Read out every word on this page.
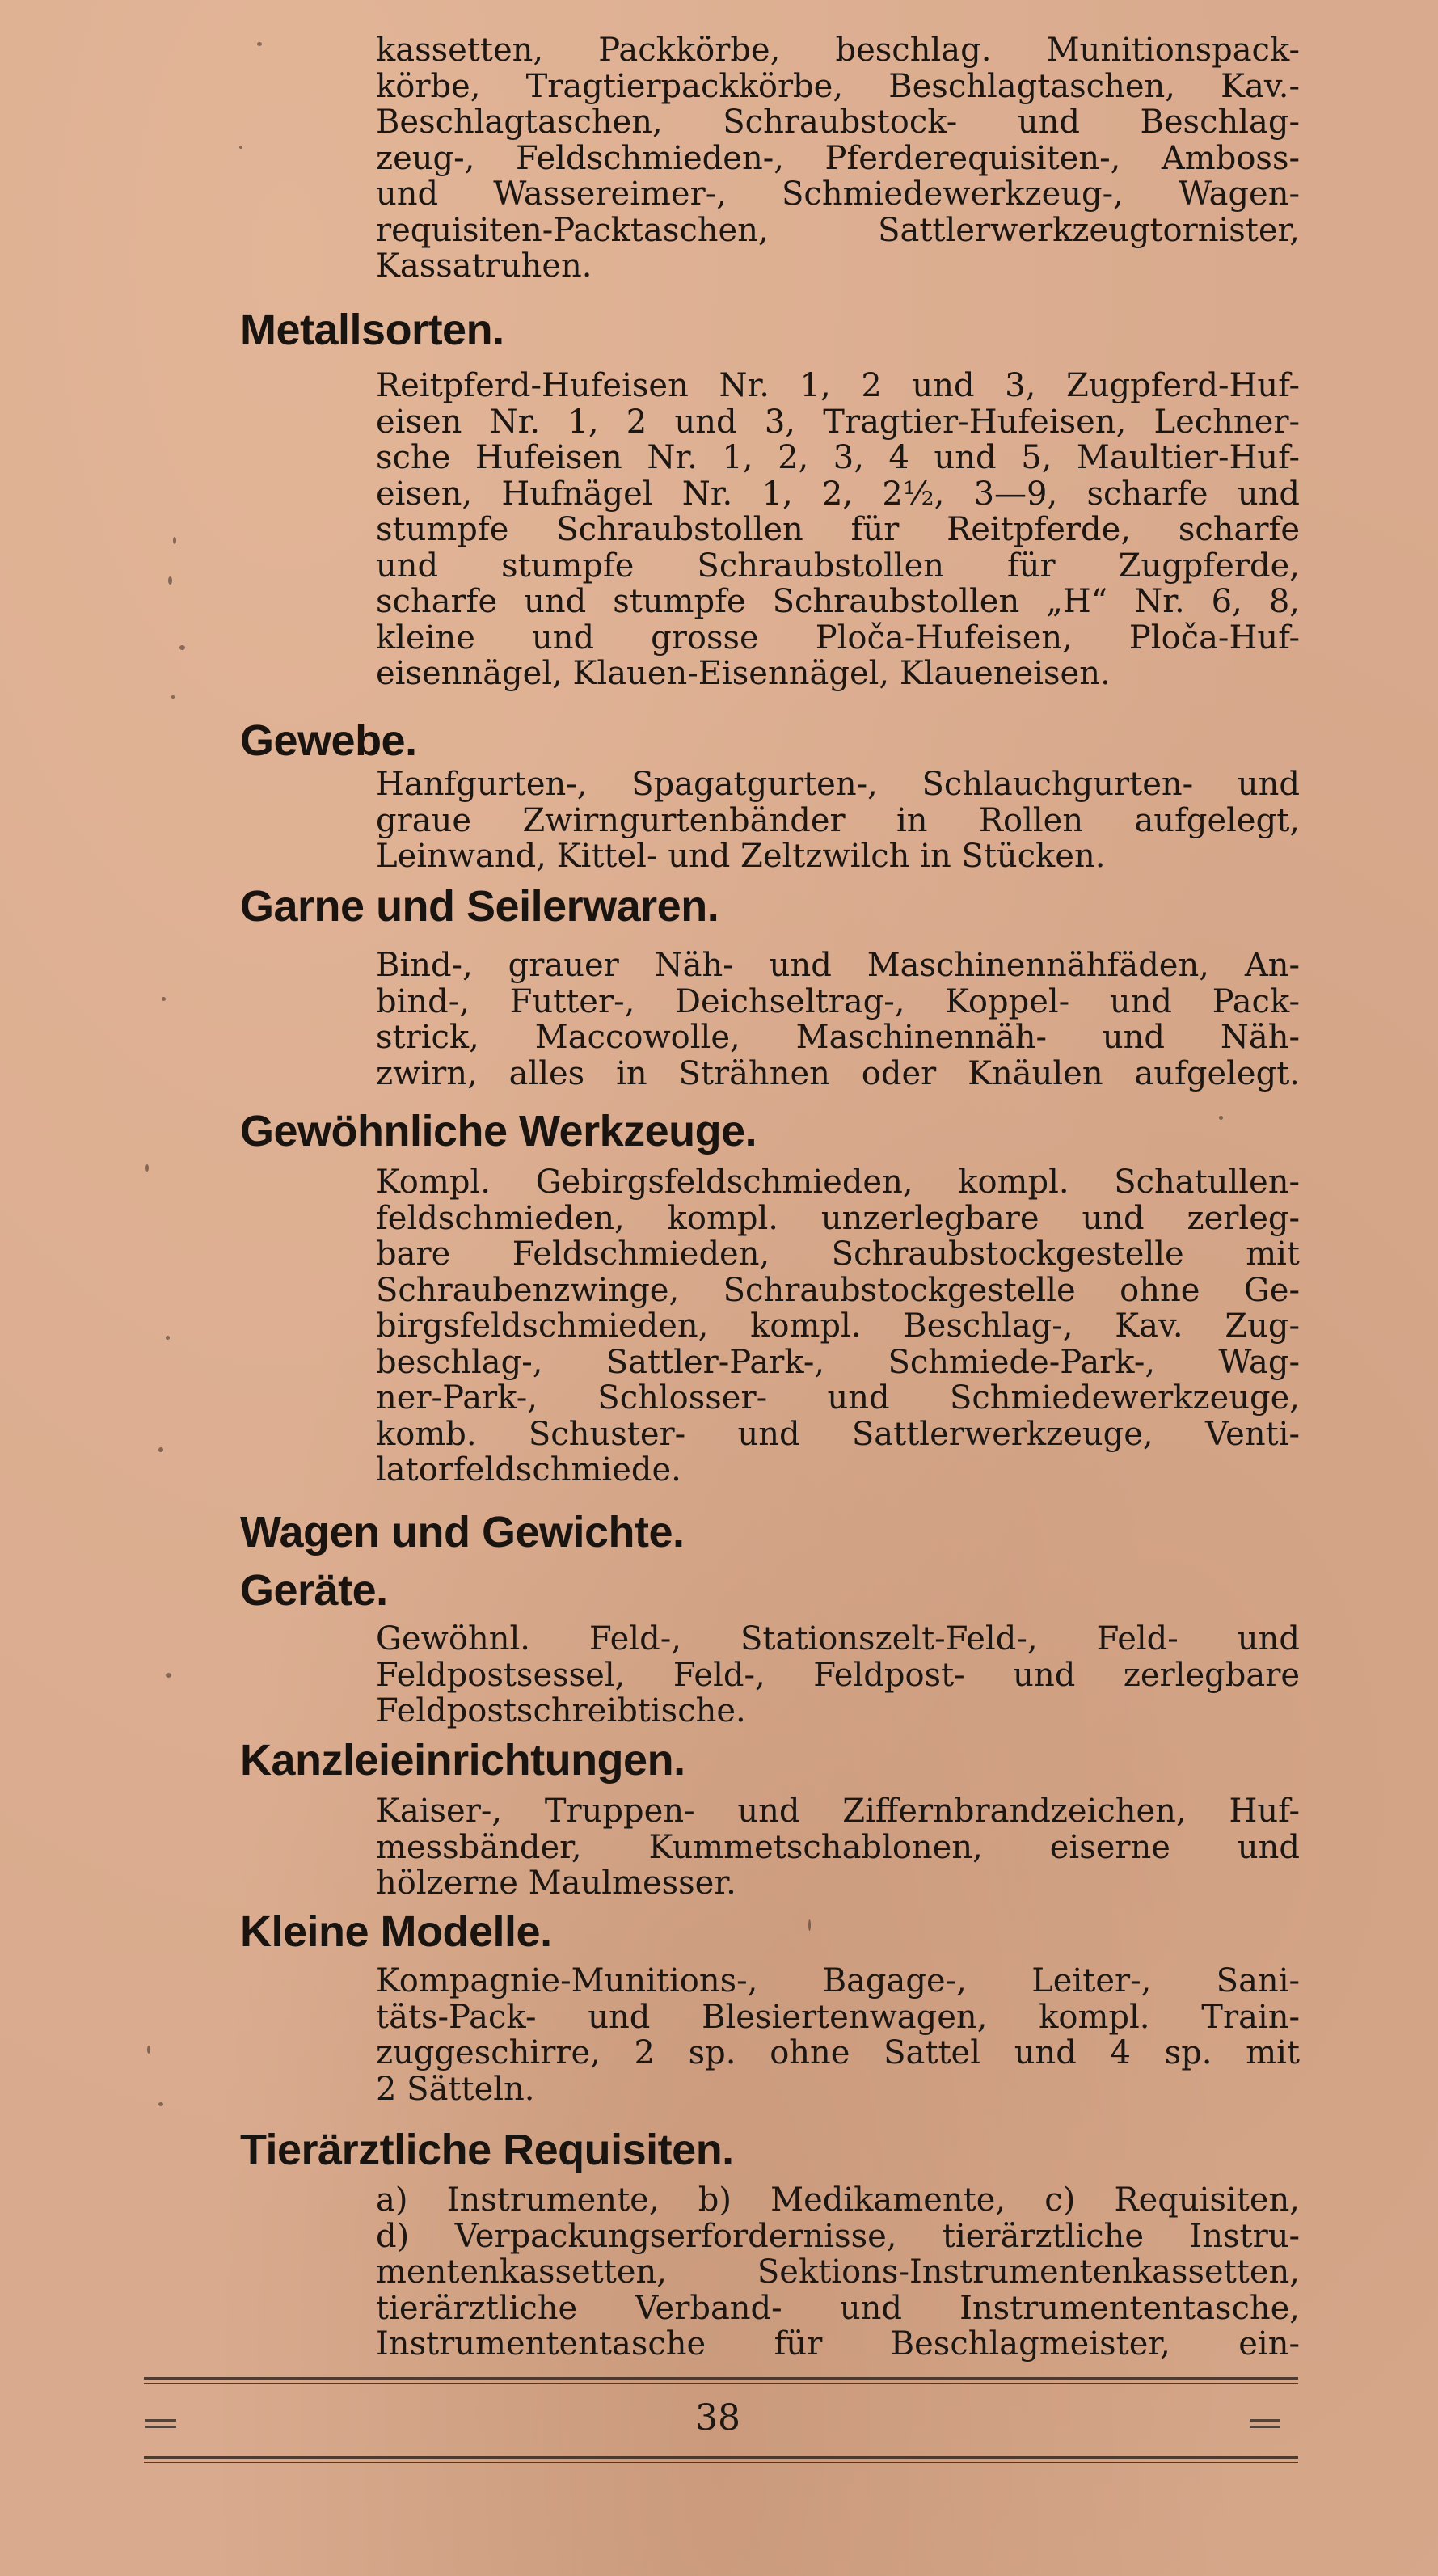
kassetten, Packkörbe, beschlag. Munitionspack-
körbe, Tragtierpackkörbe, Beschlagtaschen, Kav.-
Beschlagtaschen, Schraubstock- und Beschlag-
zeug-, Feldschmieden-, Pferderequisiten-, Amboss-
und Wassereimer-, Schmiedewerkzeug-, Wagen-
requisiten-Packtaschen, Sattlerwerkzeugtornister,
Kassatruhen.
Metallsorten.
Reitpferd-Hufeisen Nr. 1, 2 und 3, Zugpferd-Huf-
eisen Nr. 1, 2 und 3, Tragtier-Hufeisen, Lechner-
sche Hufeisen Nr. 1, 2, 3, 4 und 5, Maultier-Huf-
eisen, Hufnägel Nr. 1, 2, 2½, 3—9, scharfe und
stumpfe Schraubstollen für Reitpferde, scharfe
und stumpfe Schraubstollen für Zugpferde,
scharfe und stumpfe Schraubstollen „H“ Nr. 6, 8,
kleine und grosse Ploča-Hufeisen, Ploča-Huf-
eisennägel, Klauen-Eisennägel, Klaueneisen.
Gewebe.
Hanfgurten-, Spagatgurten-, Schlauchgurten- und
graue Zwirngurtenbänder in Rollen aufgelegt,
Leinwand, Kittel- und Zeltzwilch in Stücken.
Garne und Seilerwaren.
Bind-, grauer Näh- und Maschinennähfäden, An-
bind-, Futter-, Deichseltrag-, Koppel- und Pack-
strick, Maccowolle, Maschinennäh- und Näh-
zwirn, alles in Strähnen oder Knäulen aufgelegt.
Gewöhnliche Werkzeuge.
Kompl. Gebirgsfeldschmieden, kompl. Schatullen-
feldschmieden, kompl. unzerlegbare und zerleg-
bare Feldschmieden, Schraubstockgestelle mit
Schraubenzwinge, Schraubstockgestelle ohne Ge-
birgsfeldschmieden, kompl. Beschlag-, Kav. Zug-
beschlag-, Sattler-Park-, Schmiede-Park-, Wag-
ner-Park-, Schlosser- und Schmiedewerkzeuge,
komb. Schuster- und Sattlerwerkzeuge, Venti-
latorfeldschmiede.
Wagen und Gewichte.
Geräte.
Gewöhnl. Feld-, Stationszelt-Feld-, Feld- und
Feldpostsessel, Feld-, Feldpost- und zerlegbare
Feldpostschreibtische.
Kanzleieinrichtungen.
Kaiser-, Truppen- und Ziffernbrandzeichen, Huf-
messbänder, Kummetschablonen, eiserne und
hölzerne Maulmesser.
Kleine Modelle.
Kompagnie-Munitions-, Bagage-, Leiter-, Sani-
täts-Pack- und Blesiertenwagen, kompl. Train-
zuggeschirre, 2 sp. ohne Sattel und 4 sp. mit
2 Sätteln.
Tierärztliche Requisiten.
a) Instrumente, b) Medikamente, c) Requisiten,
d) Verpackungserfordernisse, tierärztliche Instru-
mentenkassetten, Sektions-Instrumentenkassetten,
tierärztliche Verband- und Instrumententasche,
Instrumententasche für Beschlagmeister, ein-
38
